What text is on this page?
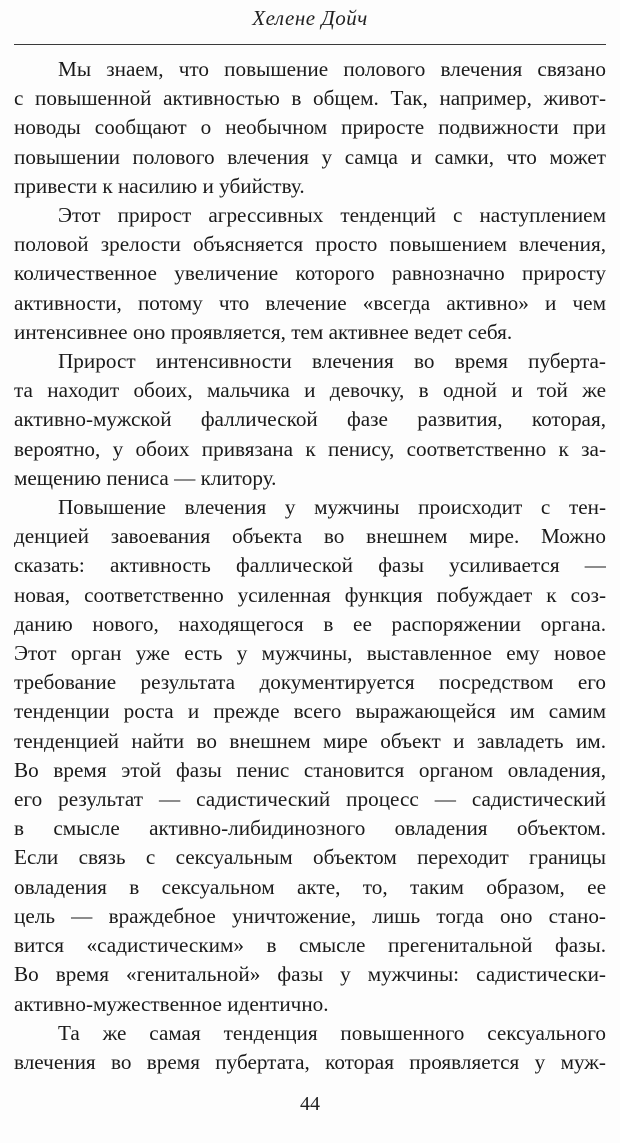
Хелене Дойч

Мы знаем, что повышение полового влечения связано
с повышенной активностью в общем. Так, например, живот-
новоды сообщают о необычном приросте подвижности при
повышении полового влечения у самца и самки, что может
привести к насилию и убийству.

Этот прирост агрессивных тенденций с наступлением
половой зрелости объясняется просто повышением влечения,
количественное увеличение которого равнозначно приросту
активности, потому что влечение «всегда активно» и чем
интенсивнее оно проявляется, тем активнее ведет себя.

Прирост интенсивности влечения во время пуберта-
та находит обоих, мальчика и девочку, в одной и той же
активно-мужской фаллической фазе развития, которая,
вероятно, у обоих привязана к пенису, соответственно к за-
мещению пениса — клитору.

Повышение влечения у мужчины происходит с тен-
денцией завоевания объекта во внешнем мире. Можно
сказать: активность фаллической фазы усиливается —
новая, соответственно усиленная функция побуждает к соз-
данию нового, находящегося в ее распоряжении органа.
Этот орган уже есть у мужчины, выставленное ему новое
требование результата документируется посредством его
тенденции роста и прежде всего выражающейся им самим
тенденцией найти во внешнем мире объект и завладеть им.
Во время этой фазы пенис становится органом овладения,
его результат — садистический процесс — садистический
в смысле активно-либидинозного овладения объектом.
Если связь с сексуальным объектом переходит границы
овладения в сексуальном акте, то, таким образом, ее
цель — враждебное уничтожение, лишь тогда оно стано-
вится «садистическим» в смысле прегенитальной фазы.
Во время «генитальной» фазы у мужчины: садистически-
активно-мужественное идентично.

Та же самая тенденция повышенного сексуального
влечения во время пубертата, которая проявляется у муж-

44
